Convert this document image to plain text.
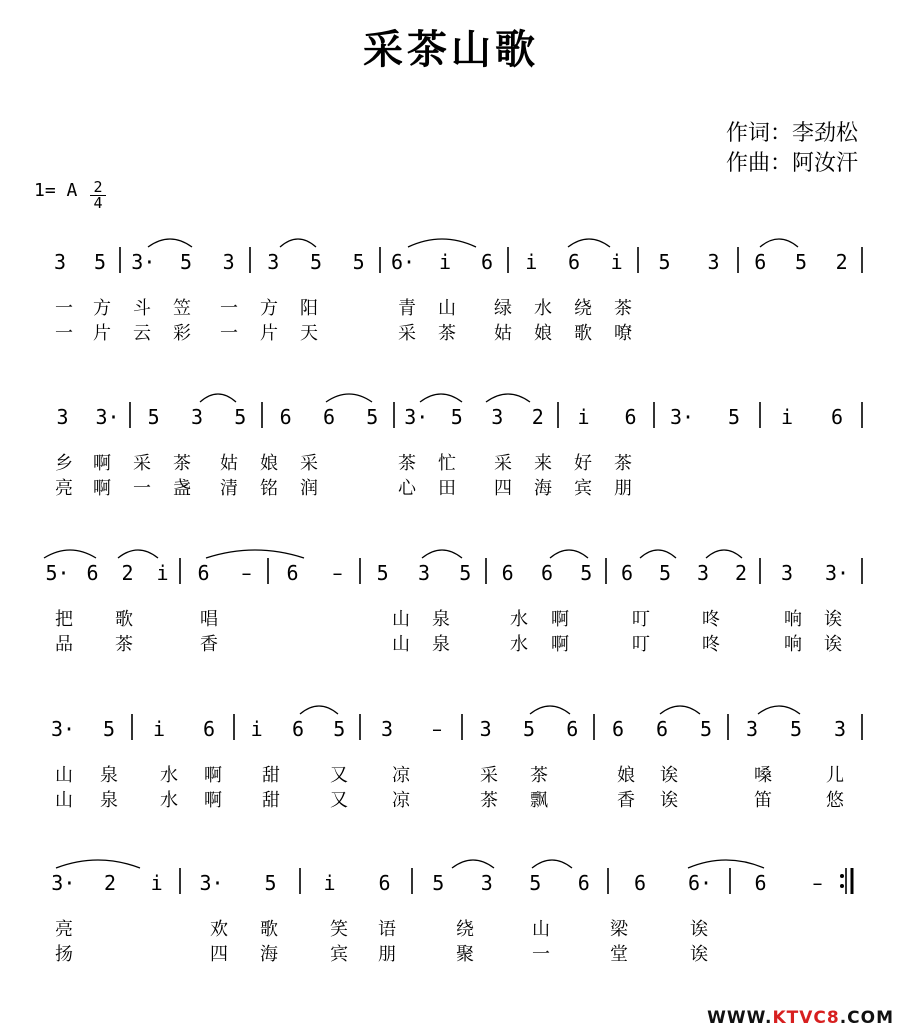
采茶山歌
作词：李劲松
作曲：阿汝汗
1= A $\frac{2}{4}$
3 5 3· 5 3 3 5 5 6· i 6 i 6 i 5 3 6 5 2
一 方 斗 笠 一 方 阳	青 山 绿 水 绕 茶
一 片 云 彩 一 片 天	采 茶 姑 娘 歌 嘹
3 3· 5 3 5 6 6 5 3· 5 3 2 i 6 3· 5 i 6
乡 啊 采 茶 姑 娘 采	茶 忙 采 来 好 茶
亮 啊 一 盏 清 铭 润	心 田 四 海 宾 朋
5· 6 2 i 6 – 6 – 5 3 5 6 6 5 6 5 3 2 3 3·
把 歌	唱	山 泉	水 啊	叮	咚	响 诶
品 茶	香	山 泉	水 啊	叮	咚	响 诶
3· 5 i 6 i 6 5 3 – 3 5 6 6 6 5 3 5 3
山 泉 水 啊 甜	又 凉	采 茶	娘 诶	嗓	儿
山 泉 水 啊 甜	又 凉	茶 飘	香 诶	笛	悠
3· 2 i 3· 5 i 6 5 3 5 6 6 6· 6 –
亮	欢 歌	笑 语	绕	山	梁	诶
扬	四 海	宾 朋	聚	一	堂	诶
WWW.KTVC8.COM
